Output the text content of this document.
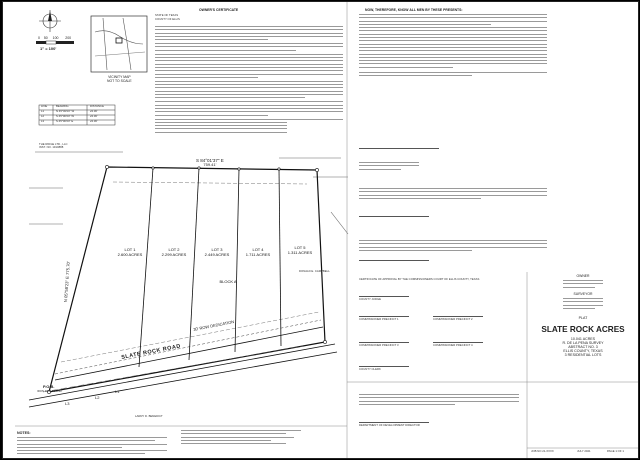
0 50 100 200
1" = 100'
VICINITY MAP
NOT TO SCALE
LINE	BEARING	DISTANCE
L1	N 45°00'00" W	24.90'
L2	S 45°00'00" W	24.90'
L3	S 45°00'00" E	24.90'
THE RIDGE LTD., LLC
INST. NO. 1910888
DONALD E. CAMPBELL
LARRY D. BENEDICT
S 84°01'37" E
759.41'
N 05°58'23" E 775.70'
LOT 1
2.600 ACRES
LOT 2
2.299 ACRES
LOT 3
2.449 ACRES
LOT 4
1.711 ACRES
LOT 5
1.311 ACRES
BLOCK A
SLATE ROCK ROAD
30' ROW DEDICATION
P.O.B.
IRON ROD FOUND
L3
L2
L1
NOTES:
OWNER'S CERTIFICATE
STATE OF TEXAS
COUNTY OF ELLIS
NOW, THEREFORE, KNOW ALL MEN BY THESE PRESENTS:
CERTIFICATE OF APPROVAL BY THE COMMISSIONERS COURT OF ELLIS COUNTY, TEXAS
COUNTY JUDGE
COMMISSIONER PRECINCT 1	COMMISSIONER PRECINCT 2
COMMISSIONER PRECINCT 3	COMMISSIONER PRECINCT 4
COUNTY CLERK
DEPARTMENT OF DEVELOPMENT DIRECTOR
PLAT
SLATE ROCK ACRES
10.041 ACRES
R. DE LA PENA SURVEY
ABSTRACT NO. 3
ELLIS COUNTY, TEXAS
3 RESIDENTIAL LOTS
OWNER
SURVEYOR
JOB NO 21-XXXX	JULY 2021	PAGE 1 OF 1
